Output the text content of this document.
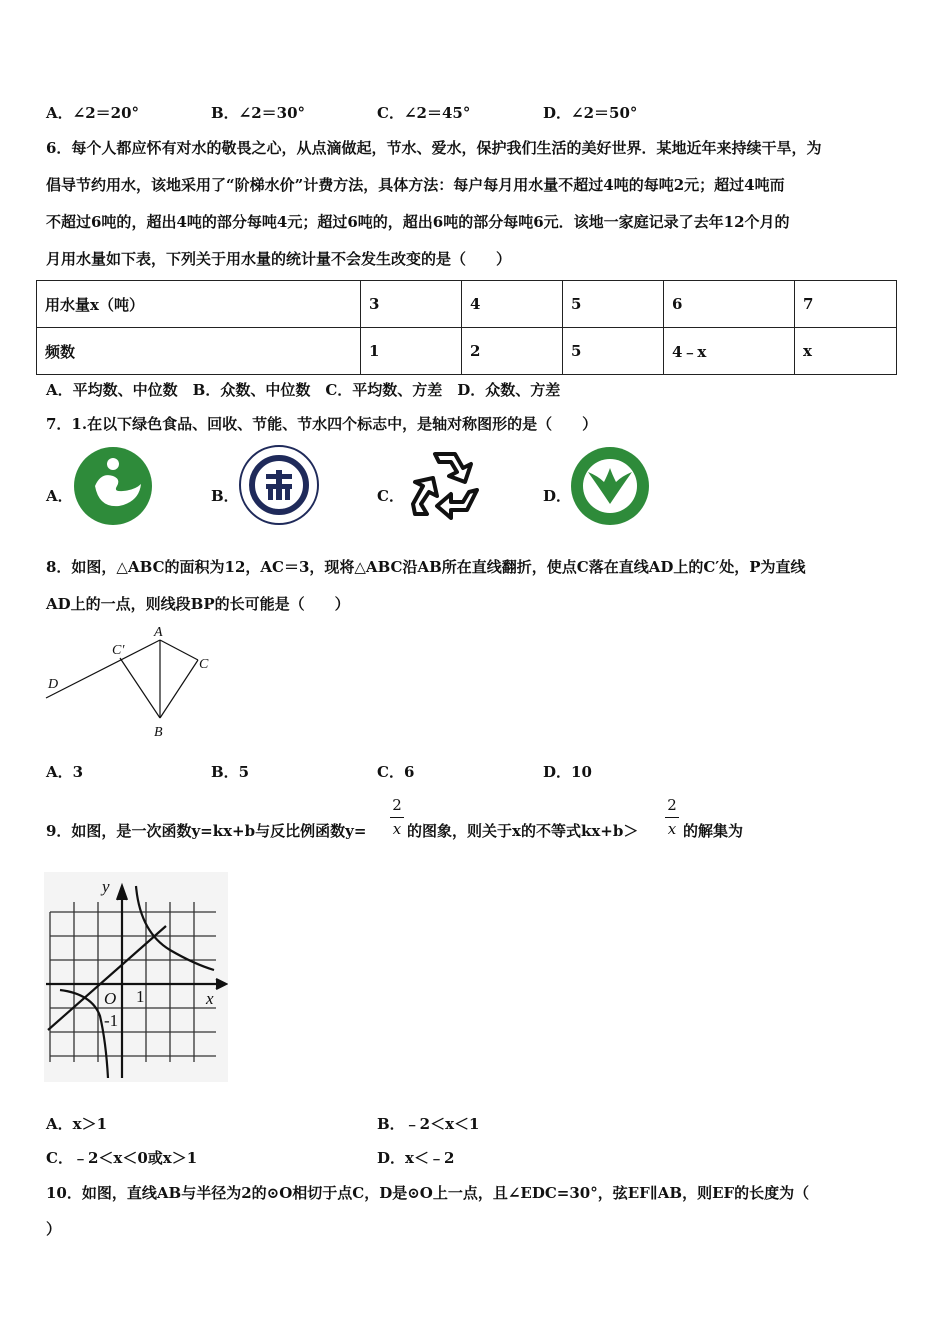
A．∠2＝20°	B．∠2＝30°	C．∠2＝45°	D．∠2＝50°
6．每个人都应怀有对水的敬畏之心，从点滴做起，节水、爱水，保护我们生活的美好世界．某地近年来持续干旱，为
倡导节约用水，该地采用了“阶梯水价”计费方法，具体方法：每户每月用水量不超过4吨的每吨2元；超过4吨而
不超过6吨的，超出4吨的部分每吨4元；超过6吨的，超出6吨的部分每吨6元．该地一家庭记录了去年12个月的
月用水量如下表，下列关于用水量的统计量不会发生改变的是（　　）
用水量x（吨）	3	4	5	6	7
频数	1	2	5	4﹣x	x
A．平均数、中位数　B．众数、中位数　C．平均数、方差　D．众数、方差
7．1.在以下绿色食品、回收、节能、节水四个标志中，是轴对称图形的是（　　）
A．	B．	C．	D．
8．如图，△ABC的面积为12，AC＝3，现将△ABC沿AB所在直线翻折，使点C落在直线AD上的C′处，P为直线
AD上的一点，则线段BP的长可能是（　　）
A
C′
C
D
B
A．3	B．5	C．6	D．10
9．如图，是一次函数y=kx+b与反比例函数y=
2
x 的图象，则关于x的不等式kx+b＞
2
x 的解集为
y
x
O 1
-1
A．x＞1	B．﹣2＜x＜1
C．﹣2＜x＜0或x＞1	D．x＜﹣2
10．如图，直线AB与半径为2的⊙O相切于点C，D是⊙O上一点，且∠EDC=30°，弦EF∥AB，则EF的长度为（
）
